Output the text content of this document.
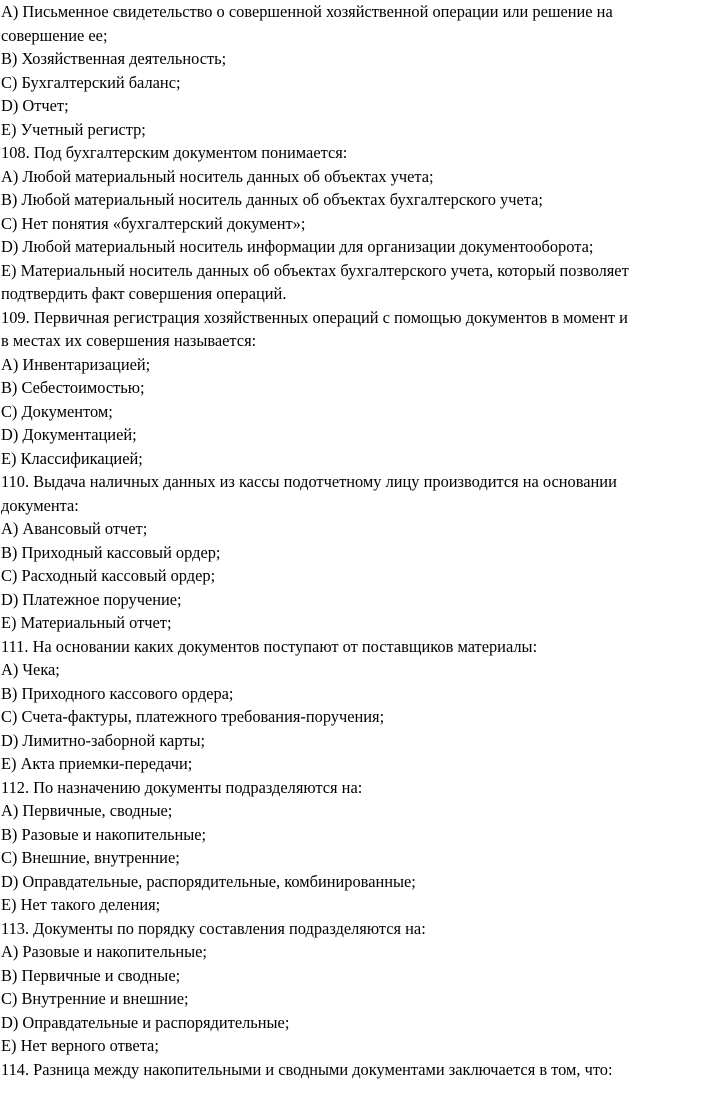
А) Письменное свидетельство о совершенной хозяйственной операции или решение на

совершение ее;

В) Хозяйственная деятельность;

С) Бухгалтерский баланс;

D) Отчет;

Е) Учетный регистр;

108. Под бухгалтерским документом понимается:

А) Любой материальный носитель данных об объектах учета;

В) Любой материальный носитель данных об объектах бухгалтерского учета;

С) Нет понятия «бухгалтерский документ»;

D) Любой материальный носитель информации для организации документооборота;

Е) Материальный носитель данных об объектах бухгалтерского учета, который позволяет

подтвердить факт совершения операций.

109. Первичная регистрация хозяйственных операций с помощью документов в момент и

в местах их совершения называется:

А) Инвентаризацией;

В) Себестоимостью;

С) Документом;

D) Документацией;

Е) Классификацией;

110. Выдача наличных данных из кассы подотчетному лицу производится на основании

документа:

А) Авансовый отчет;

В) Приходный кассовый ордер;

С) Расходный кассовый ордер;

D) Платежное поручение;

Е) Материальный отчет;

111. На основании каких документов поступают от поставщиков материалы:

А) Чека;

В) Приходного кассового ордера;

С) Счета-фактуры, платежного требования-поручения;

D) Лимитно-заборной карты;

Е) Акта приемки-передачи;

112. По назначению документы подразделяются на:

А) Первичные, сводные;

В) Разовые и накопительные;

С) Внешние, внутренние;

D) Оправдательные, распорядительные, комбинированные;

Е) Нет такого деления;

113. Документы по порядку составления подразделяются на:

А) Разовые и накопительные;

В) Первичные и сводные;

С) Внутренние и внешние;

D) Оправдательные и распорядительные;

Е) Нет верного ответа;

114. Разница между накопительными и сводными документами заключается в том, что:
